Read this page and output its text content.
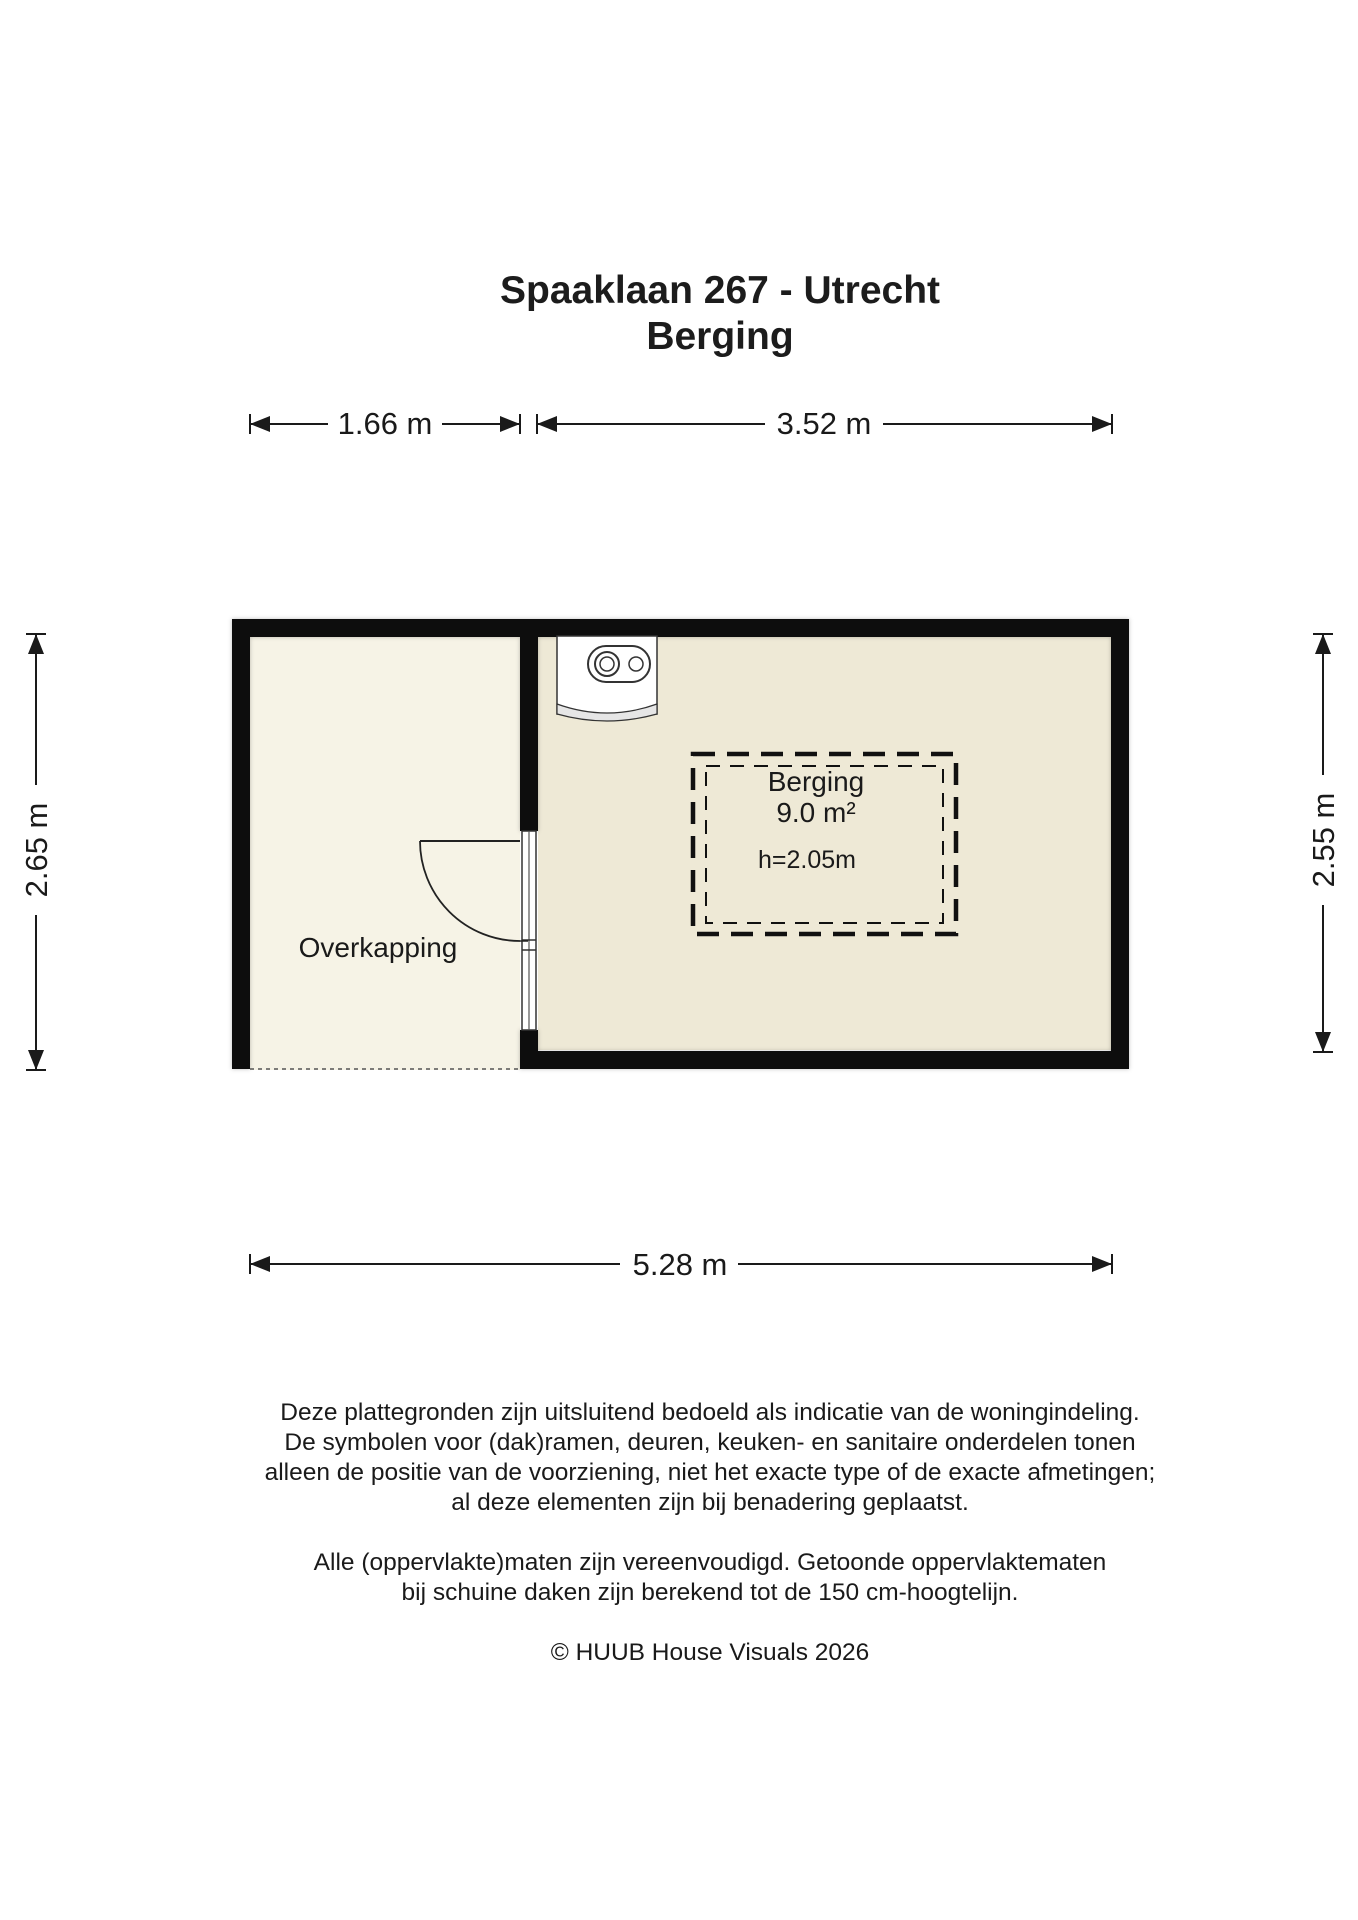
Spaaklaan 267 - Utrecht
Berging
1.66 m	3.52 m
2.65 m	2.55 m
5.28 m
Overkapping
Berging
9.0 m²
h=2.05m

Deze plattegronden zijn uitsluitend bedoeld als indicatie van de woningindeling.
De symbolen voor (dak)ramen, deuren, keuken- en sanitaire onderdelen tonen
alleen de positie van de voorziening, niet het exacte type of de exacte afmetingen;
al deze elementen zijn bij benadering geplaatst.

Alle (oppervlakte)maten zijn vereenvoudigd. Getoonde oppervlaktematen
bij schuine daken zijn berekend tot de 150 cm-hoogtelijn.

© HUUB House Visuals 2026
